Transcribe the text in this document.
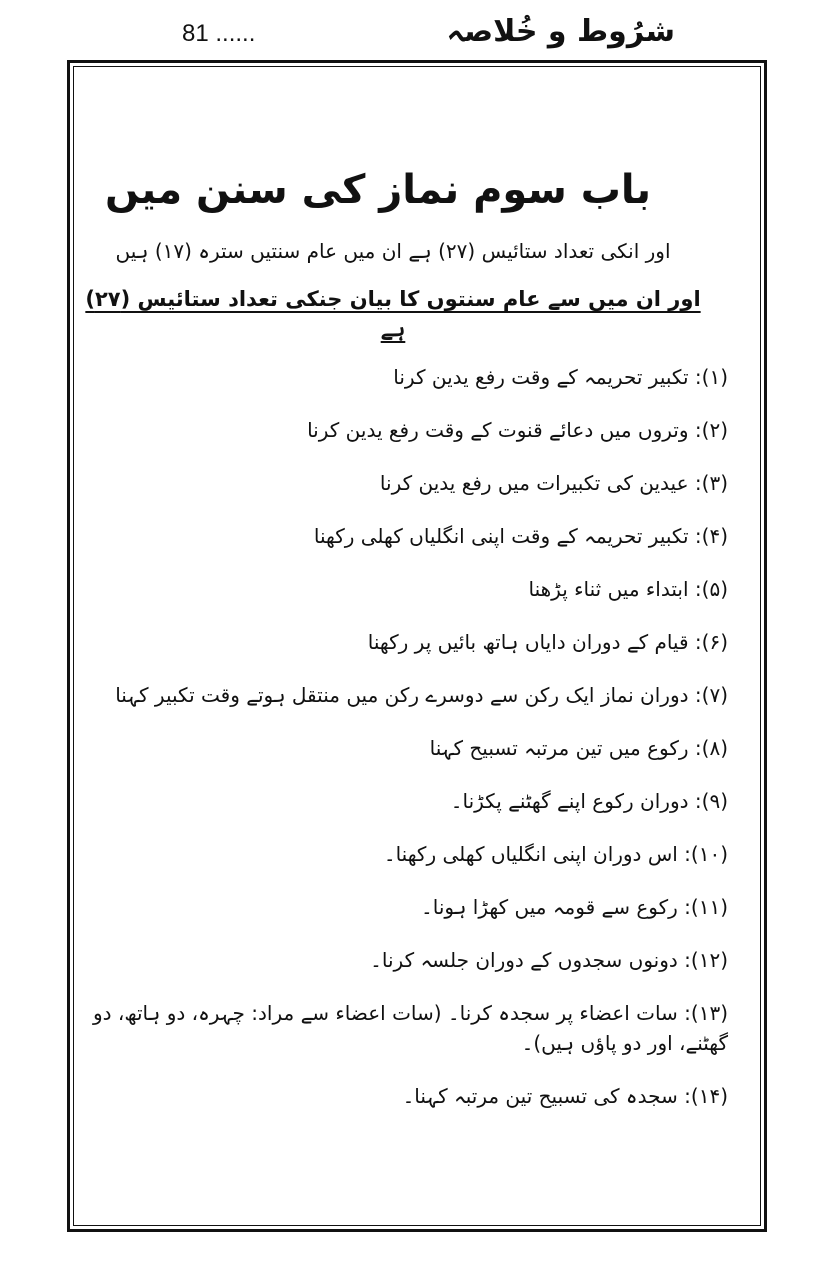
شرُوط و خُلاصہ
81 ......
باب سوم نماز کی سنن میں

اور انکی تعداد ستائیس (۲۷) ہے ان میں عام سنتیں سترہ (۱۷) ہیں

اور ان میں سے عام سنتوں کا بیان جنکی تعداد ستائیس (۲۷) ہے

(۱): تکبیر تحریمہ کے وقت رفع یدین کرنا
(۲): وتروں میں دعائے قنوت کے وقت رفع یدین کرنا
(۳): عیدین کی تکبیرات میں رفع یدین کرنا
(۴): تکبیر تحریمہ کے وقت اپنی انگلیاں کھلی رکھنا
(۵): ابتداء میں ثناء پڑھنا
(۶): قیام کے دوران دایاں ہاتھ بائیں پر رکھنا
(۷): دوران نماز ایک رکن سے دوسرے رکن میں منتقل ہوتے وقت تکبیر کہنا
(۸): رکوع میں تین مرتبہ تسبیح کہنا
(۹): دوران رکوع اپنے گھٹنے پکڑنا۔
(۱۰): اس دوران اپنی انگلیاں کھلی رکھنا۔
(۱۱): رکوع سے قومہ میں کھڑا ہونا۔
(۱۲): دونوں سجدوں کے دوران جلسہ کرنا۔
(۱۳): سات اعضاء پر سجدہ کرنا۔ (سات اعضاء سے مراد: چہرہ، دو ہاتھ، دو گھٹنے، اور دو پاؤں ہیں)۔
(۱۴): سجدہ کی تسبیح تین مرتبہ کہنا۔
